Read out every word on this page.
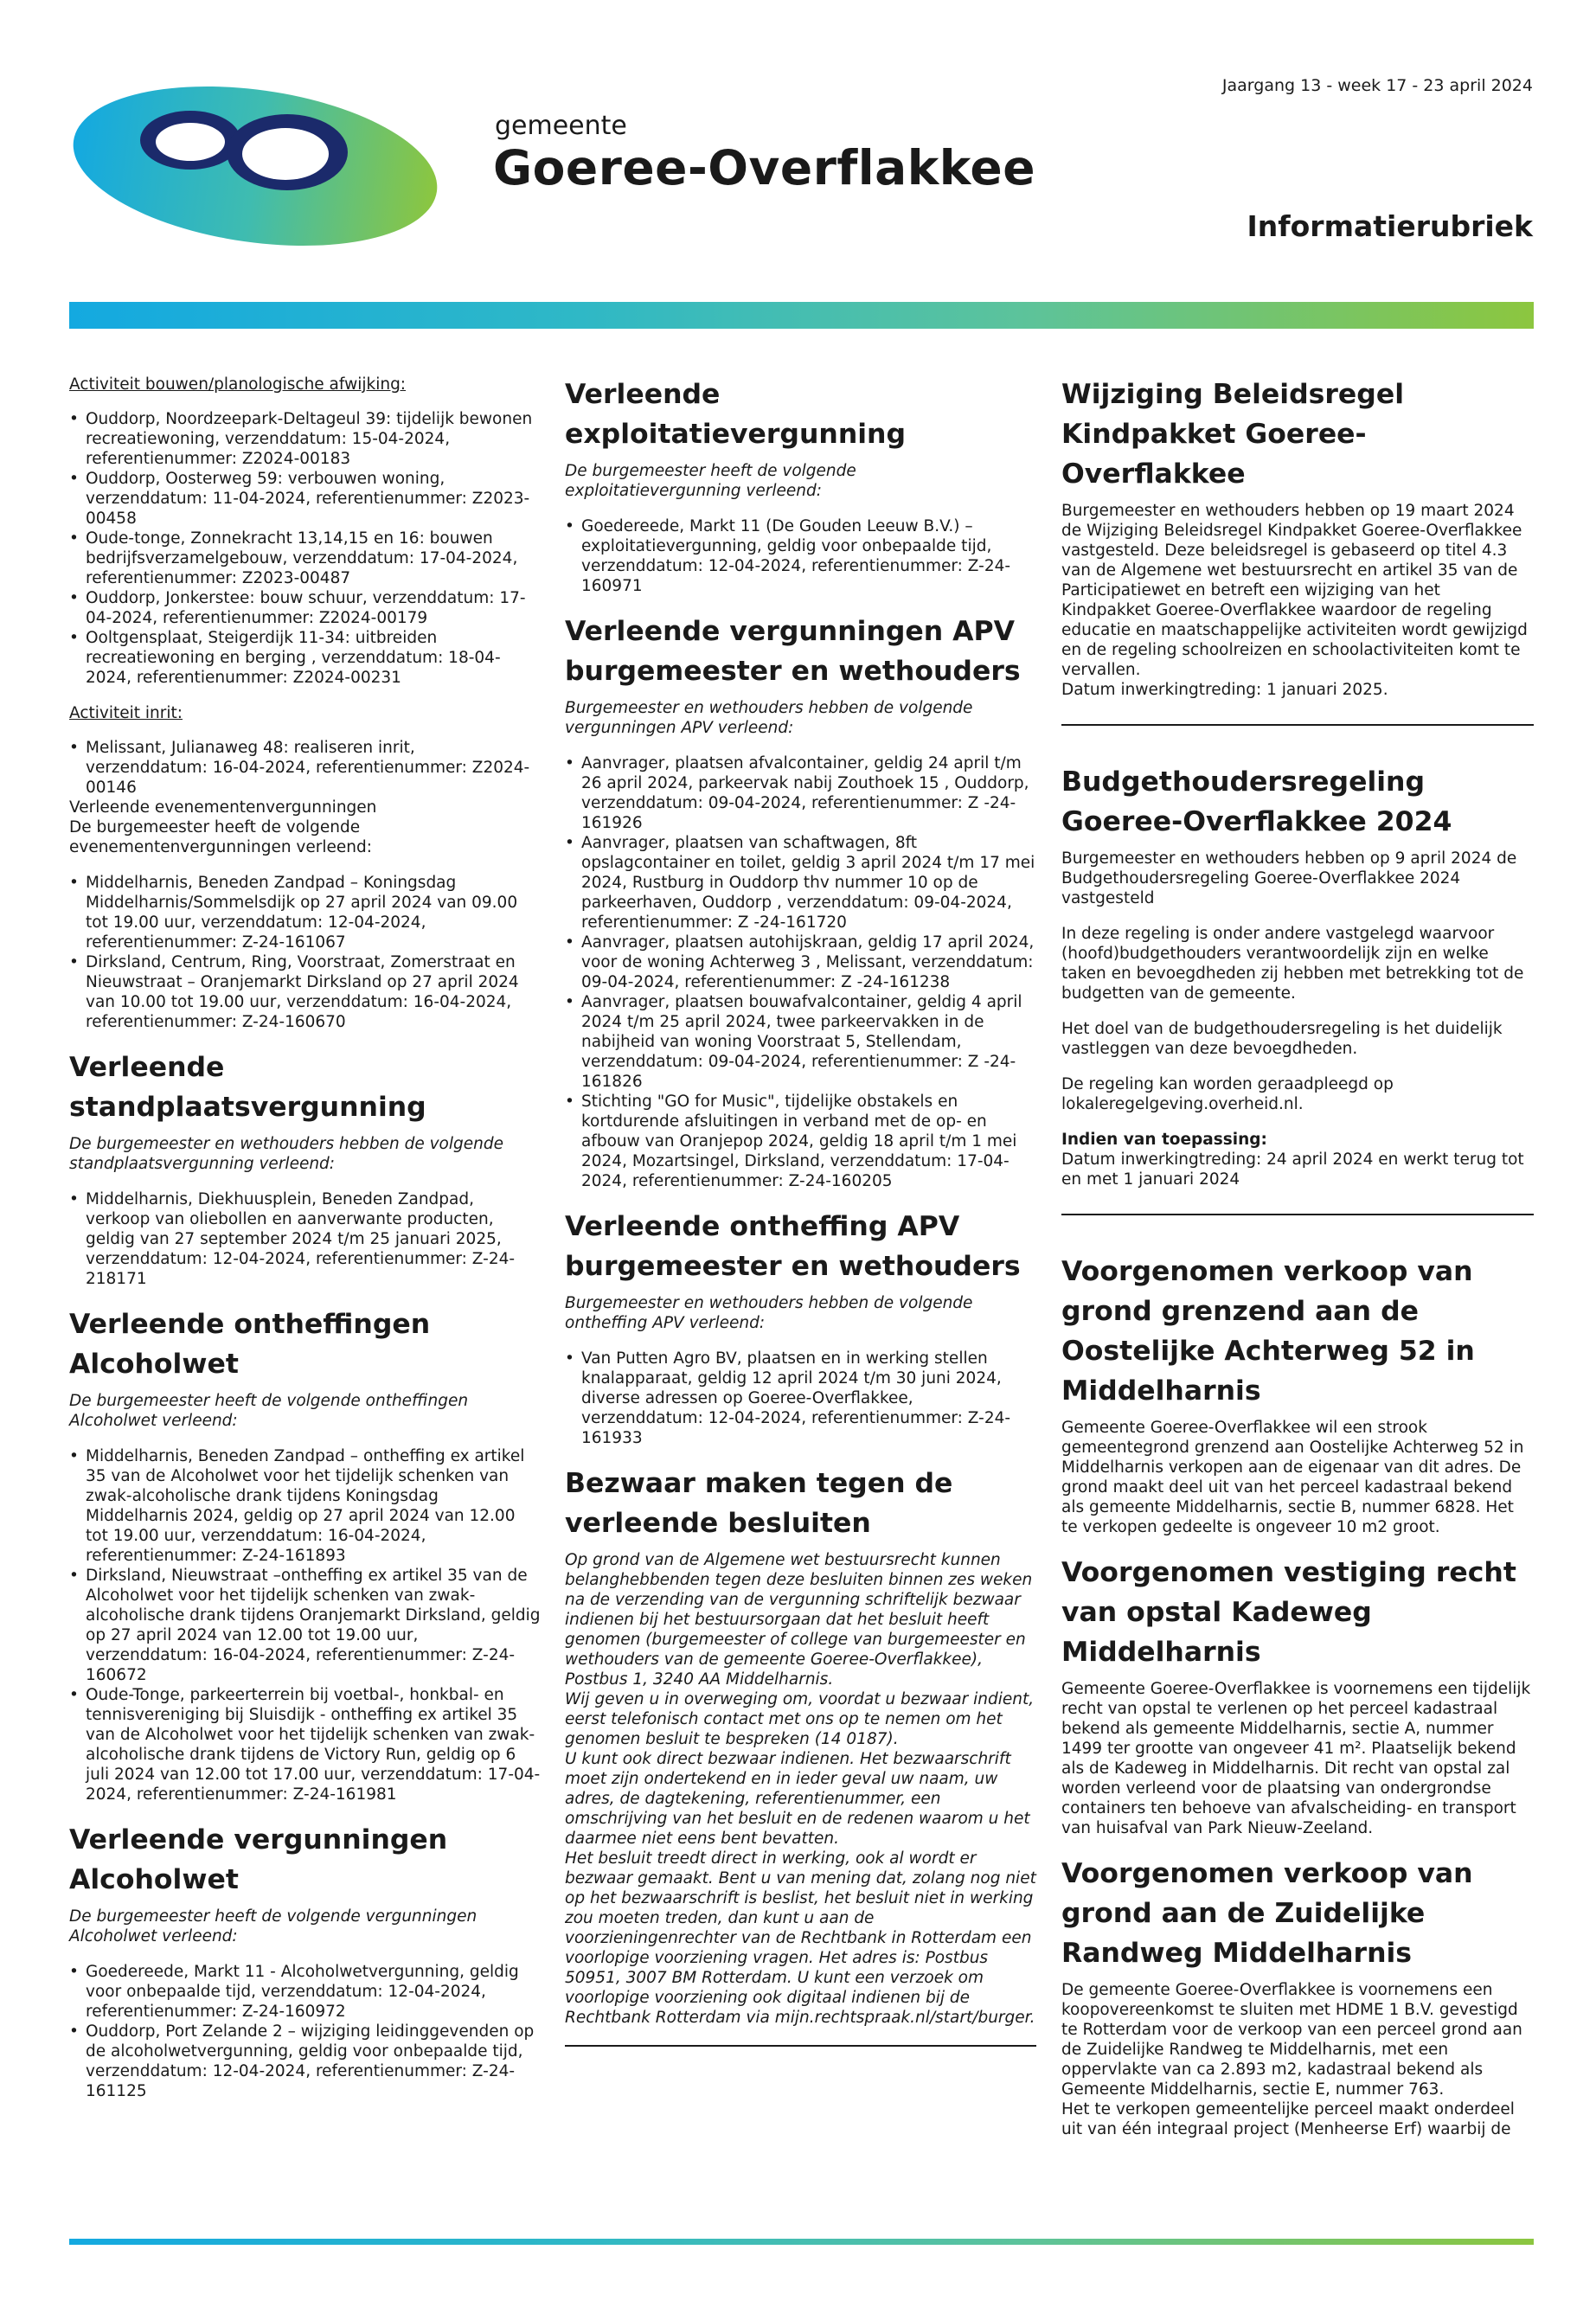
gemeente
Goeree-Overflakkee
Jaargang 13 - week 17 - 23 april 2024
Informatierubriek
Activiteit bouwen/planologische afwijking:
• Ouddorp, Noordzeepark-Deltageul 39: tijdelijk bewonen recreatiewoning, verzenddatum: 15-04-2024, referentienummer: Z2024-00183
• Ouddorp, Oosterweg 59: verbouwen woning, verzenddatum: 11-04-2024, referentienummer: Z2023-00458
• Oude-tonge, Zonnekracht 13,14,15 en 16: bouwen bedrijfsverzamelgebouw, verzenddatum: 17-04-2024, referentienummer: Z2023-00487
• Ouddorp, Jonkerstee: bouw schuur, verzenddatum: 17-04-2024, referentienummer: Z2024-00179
• Ooltgensplaat, Steigerdijk 11-34: uitbreiden recreatiewoning en berging , verzenddatum: 18-04-2024, referentienummer: Z2024-00231
Activiteit inrit:
• Melissant, Julianaweg 48: realiseren inrit, verzenddatum: 16-04-2024, referentienummer: Z2024-00146

Verleende evenementenvergunningen

De burgemeester heeft de volgende evenementenvergunningen verleend:

• Middelharnis, Beneden Zandpad – Koningsdag Middelharnis/Sommelsdijk op 27 april 2024 van 09.00 tot 19.00 uur, verzenddatum: 12-04-2024, referentienummer: Z-24-161067
• Dirksland, Centrum, Ring, Voorstraat, Zomerstraat en Nieuwstraat – Oranjemarkt Dirksland op 27 april 2024 van 10.00 tot 19.00 uur, verzenddatum: 16-04-2024, referentienummer: Z-24-160670
Verleende standplaatsvergunning
De burgemeester en wethouders hebben de volgende standplaatsvergunning verleend:
• Middelharnis, Diekhuusplein, Beneden Zandpad, verkoop van oliebollen en aanverwante producten, geldig van 27 september 2024 t/m 25 januari 2025, verzenddatum: 12-04-2024, referentienummer: Z-24-218171
Verleende ontheffingen Alcoholwet
De burgemeester heeft de volgende ontheffingen Alcoholwet verleend:
• Middelharnis, Beneden Zandpad – ontheffing ex artikel 35 van de Alcoholwet voor het tijdelijk schenken van zwak-alcoholische drank tijdens Koningsdag Middelharnis 2024, geldig op 27 april 2024 van 12.00 tot 19.00 uur, verzenddatum: 16-04-2024, referentienummer: Z-24-161893
• Dirksland, Nieuwstraat –ontheffing ex artikel 35 van de Alcoholwet voor het tijdelijk schenken van zwak-alcoholische drank tijdens Oranjemarkt Dirksland, geldig op 27 april 2024 van 12.00 tot 19.00 uur, verzenddatum: 16-04-2024, referentienummer: Z-24-160672
• Oude-Tonge, parkeerterrein bij voetbal-, honkbal- en tennisvereniging bij Sluisdijk - ontheffing ex artikel 35 van de Alcoholwet voor het tijdelijk schenken van zwak-alcoholische drank tijdens de Victory Run, geldig op 6 juli 2024 van 12.00 tot 17.00 uur, verzenddatum: 17-04-2024, referentienummer: Z-24-161981
Verleende vergunningen Alcoholwet
De burgemeester heeft de volgende vergunningen Alcoholwet verleend:
• Goedereede, Markt 11 - Alcoholwetvergunning, geldig voor onbepaalde tijd, verzenddatum: 12-04-2024, referentienummer: Z-24-160972
• Ouddorp, Port Zelande 2 – wijziging leidinggevenden op de alcoholwetvergunning, geldig voor onbepaalde tijd, verzenddatum: 12-04-2024, referentienummer: Z-24-161125
Verleende exploitatievergunning
De burgemeester heeft de volgende exploitatievergunning verleend:
• Goedereede, Markt 11 (De Gouden Leeuw B.V.) – exploitatievergunning, geldig voor onbepaalde tijd, verzenddatum: 12-04-2024, referentienummer: Z-24-160971
Verleende vergunningen APV burgemeester en wethouders
Burgemeester en wethouders hebben de volgende vergunningen APV verleend:
• Aanvrager, plaatsen afvalcontainer, geldig 24 april t/m 26 april 2024, parkeervak nabij Zouthoek 15 , Ouddorp, verzenddatum: 09-04-2024, referentienummer: Z -24-161926
• Aanvrager, plaatsen van schaftwagen, 8ft opslagcontainer en toilet, geldig 3 april 2024 t/m 17 mei 2024, Rustburg in Ouddorp thv nummer 10 op de parkeerhaven, Ouddorp , verzenddatum: 09-04-2024, referentienummer: Z -24-161720
• Aanvrager, plaatsen autohijskraan, geldig 17 april 2024, voor de woning Achterweg 3 , Melissant, verzenddatum: 09-04-2024, referentienummer: Z -24-161238
• Aanvrager, plaatsen bouwafvalcontainer, geldig 4 april 2024 t/m 25 april 2024, twee parkeervakken in de nabijheid van woning Voorstraat 5, Stellendam, verzenddatum: 09-04-2024, referentienummer: Z -24-161826
• Stichting "GO for Music", tijdelijke obstakels en kortdurende afsluitingen in verband met de op- en afbouw van Oranjepop 2024, geldig 18 april t/m 1 mei 2024, Mozartsingel, Dirksland, verzenddatum: 17-04-2024, referentienummer: Z-24-160205
Verleende ontheffing APV burgemeester en wethouders
Burgemeester en wethouders hebben de volgende ontheffing APV verleend:
• Van Putten Agro BV, plaatsen en in werking stellen knalapparaat, geldig 12 april 2024 t/m 30 juni 2024, diverse adressen op Goeree-Overflakkee, verzenddatum: 12-04-2024, referentienummer: Z-24-161933
Bezwaar maken tegen de verleende besluiten
Op grond van de Algemene wet bestuursrecht kunnen belanghebbenden tegen deze besluiten binnen zes weken na de verzending van de vergunning schriftelijk bezwaar indienen bij het bestuursorgaan dat het besluit heeft genomen (burgemeester of college van burgemeester en wethouders van de gemeente Goeree-Overflakkee), Postbus 1, 3240 AA Middelharnis.
Wij geven u in overweging om, voordat u bezwaar indient, eerst telefonisch contact met ons op te nemen om het genomen besluit te bespreken (14 0187).
U kunt ook direct bezwaar indienen. Het bezwaarschrift moet zijn ondertekend en in ieder geval uw naam, uw adres, de dagtekening, referentienummer, een omschrijving van het besluit en de redenen waarom u het daarmee niet eens bent bevatten.
Het besluit treedt direct in werking, ook al wordt er bezwaar gemaakt. Bent u van mening dat, zolang nog niet op het bezwaarschrift is beslist, het besluit niet in werking zou moeten treden, dan kunt u aan de voorzieningenrechter van de Rechtbank in Rotterdam een voorlopige voorziening vragen. Het adres is: Postbus 50951, 3007 BM Rotterdam. U kunt een verzoek om voorlopige voorziening ook digitaal indienen bij de Rechtbank Rotterdam via mijn.rechtspraak.nl/start/burger.
Wijziging Beleidsregel Kindpakket Goeree-Overflakkee

Burgemeester en wethouders hebben op 19 maart 2024 de Wijziging Beleidsregel Kindpakket Goeree-Overflakkee vastgesteld. Deze beleidsregel is gebaseerd op titel 4.3 van de Algemene wet bestuursrecht en artikel 35 van de Participatiewet en betreft een wijziging van het Kindpakket Goeree-Overflakkee waardoor de regeling educatie en maatschappelijke activiteiten wordt gewijzigd en de regeling schoolreizen en schoolactiviteiten komt te vervallen.
Datum inwerkingtreding: 1 januari 2025.

Budgethoudersregeling Goeree-Overflakkee 2024

Burgemeester en wethouders hebben op 9 april 2024 de Budgethoudersregeling Goeree-Overflakkee 2024 vastgesteld

In deze regeling is onder andere vastgelegd waarvoor (hoofd)budgethouders verantwoordelijk zijn en welke taken en bevoegdheden zij hebben met betrekking tot de budgetten van de gemeente.

Het doel van de budgethoudersregeling is het duidelijk vastleggen van deze bevoegdheden.

De regeling kan worden geraadpleegd op lokaleregelgeving.overheid.nl.

Indien van toepassing:

Datum inwerkingtreding: 24 april 2024 en werkt terug tot en met 1 januari 2024

Voorgenomen verkoop van grond grenzend aan de Oostelijke Achterweg 52 in Middelharnis

Gemeente Goeree-Overflakkee wil een strook gemeentegrond grenzend aan Oostelijke Achterweg 52 in Middelharnis verkopen aan de eigenaar van dit adres. De grond maakt deel uit van het perceel kadastraal bekend als gemeente Middelharnis, sectie B, nummer 6828. Het te verkopen gedeelte is ongeveer 10 m2 groot.

Voorgenomen vestiging recht van opstal Kadeweg Middelharnis

Gemeente Goeree-Overflakkee is voornemens een tijdelijk recht van opstal te verlenen op het perceel kadastraal bekend als gemeente Middelharnis, sectie A, nummer 1499 ter grootte van ongeveer 41 m². Plaatselijk bekend als de Kadeweg in Middelharnis. Dit recht van opstal zal worden verleend voor de plaatsing van ondergrondse containers ten behoeve van afvalscheiding- en transport van huisafval van Park Nieuw-Zeeland.

Voorgenomen verkoop van grond aan de Zuidelijke Randweg Middelharnis

De gemeente Goeree-Overflakkee is voornemens een koopovereenkomst te sluiten met HDME 1 B.V. gevestigd te Rotterdam voor de verkoop van een perceel grond aan de Zuidelijke Randweg te Middelharnis, met een oppervlakte van ca 2.893 m2, kadastraal bekend als Gemeente Middelharnis, sectie E, nummer 763.
Het te verkopen gemeentelijke perceel maakt onderdeel uit van één integraal project (Menheerse Erf) waarbij de
